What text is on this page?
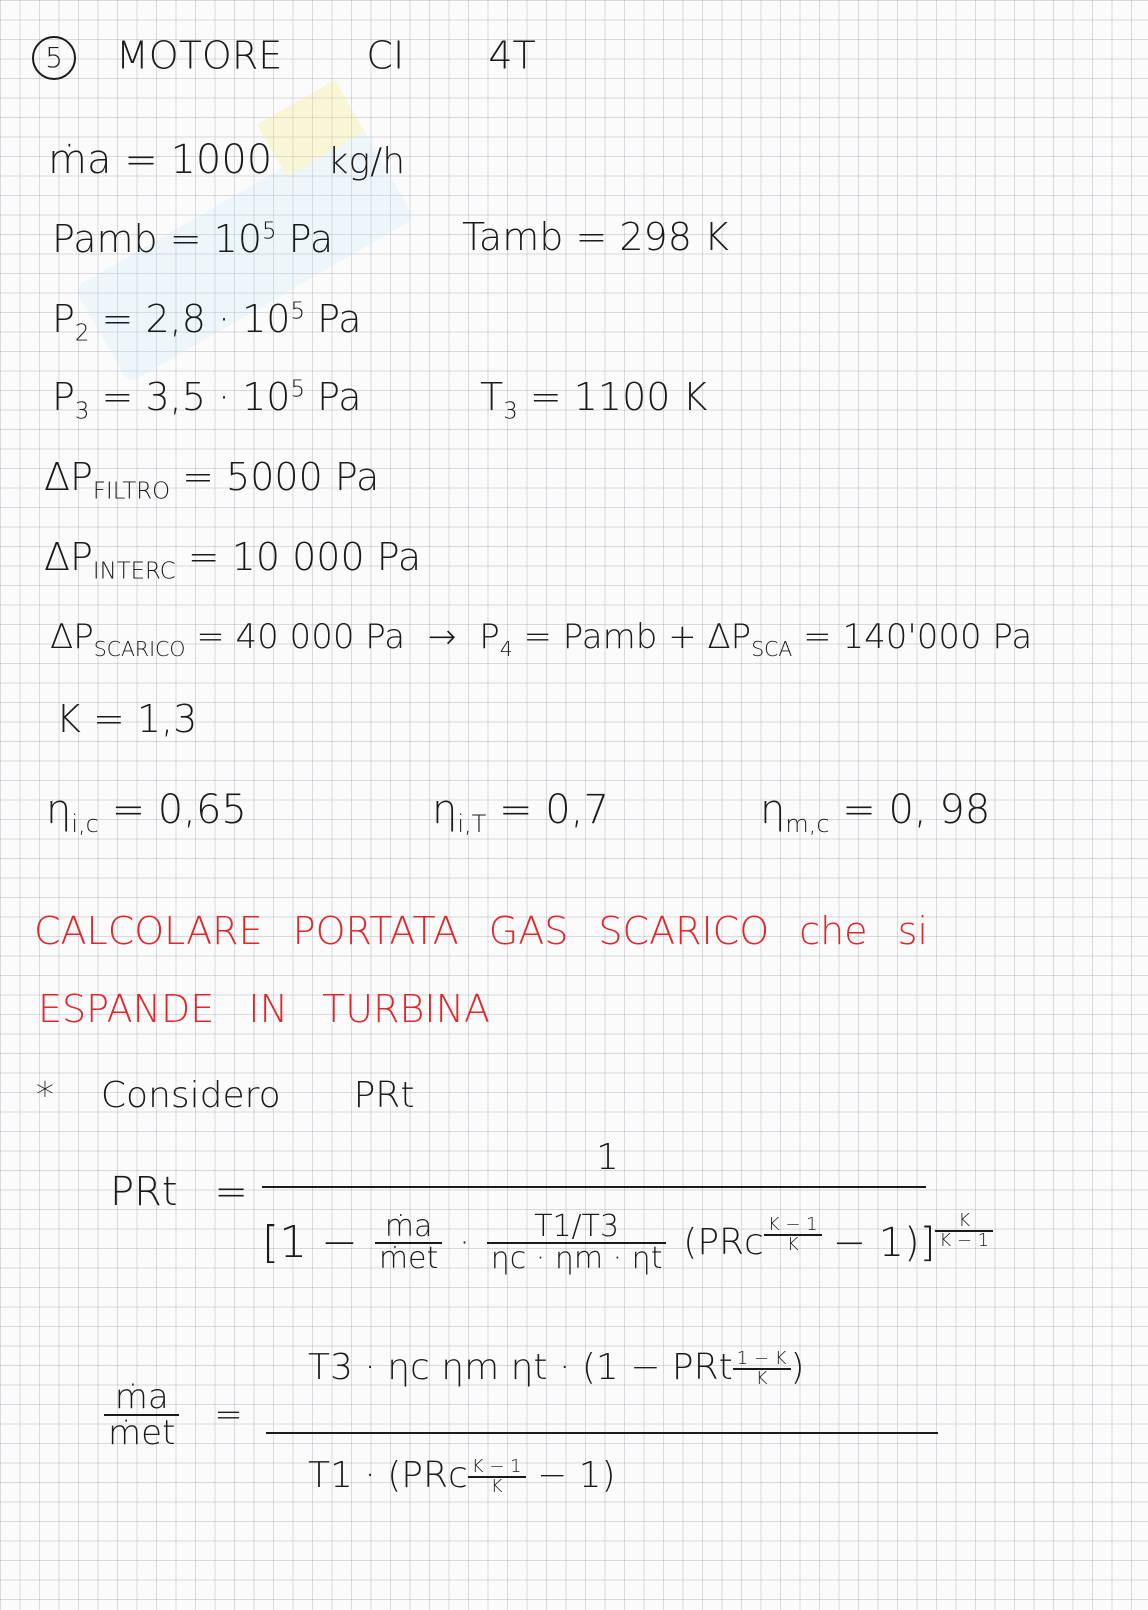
5 MOTORE CI 4T
ṁa = 1000 kg/h
Pamb = $10^5$ Pa	Tamb = 298 K
$P_2 = 2,8 \cdot 10^5$ Pa
$P_3 = 3,5 \cdot 10^5$ Pa	$T_3 = 1100$ K
$\Delta P_{FILTRO} = 5000$ Pa
$\Delta P_{INTERC} = 10$ 000 Pa
$\Delta P_{SCARICO} = 40$ 000 $Pa \to P_4$ = Pamb + $\Delta P_{SCA} = 140'000$ Pa
K = 1,3
$\eta_{i,c} = 0,65$	$\eta_{i,T} = 0,7$	$\eta_{m,c} = 0$, 98
CALCOLARE PORTATA GAS SCARICO che si
ESPANDE IN TURBINA
* Considero PRt
PRt =
1
$[1 - \frac{\text{ṁa}}{\text{ṁet}} \cdot \frac{T1/T3}{\eta c \cdot \eta m \cdot \eta t} (PRc \frac{K - 1}{K} - 1)] \frac{K}{K - 1}$
$\frac{\text{ṁa}}{\text{ṁet}}$ =
T3 · ηc ηm ηt · (1 − PRt $\frac{1 - K}{K}$ )
$T1 \cdot (PRc \frac{K - 1}{K} - 1)$
